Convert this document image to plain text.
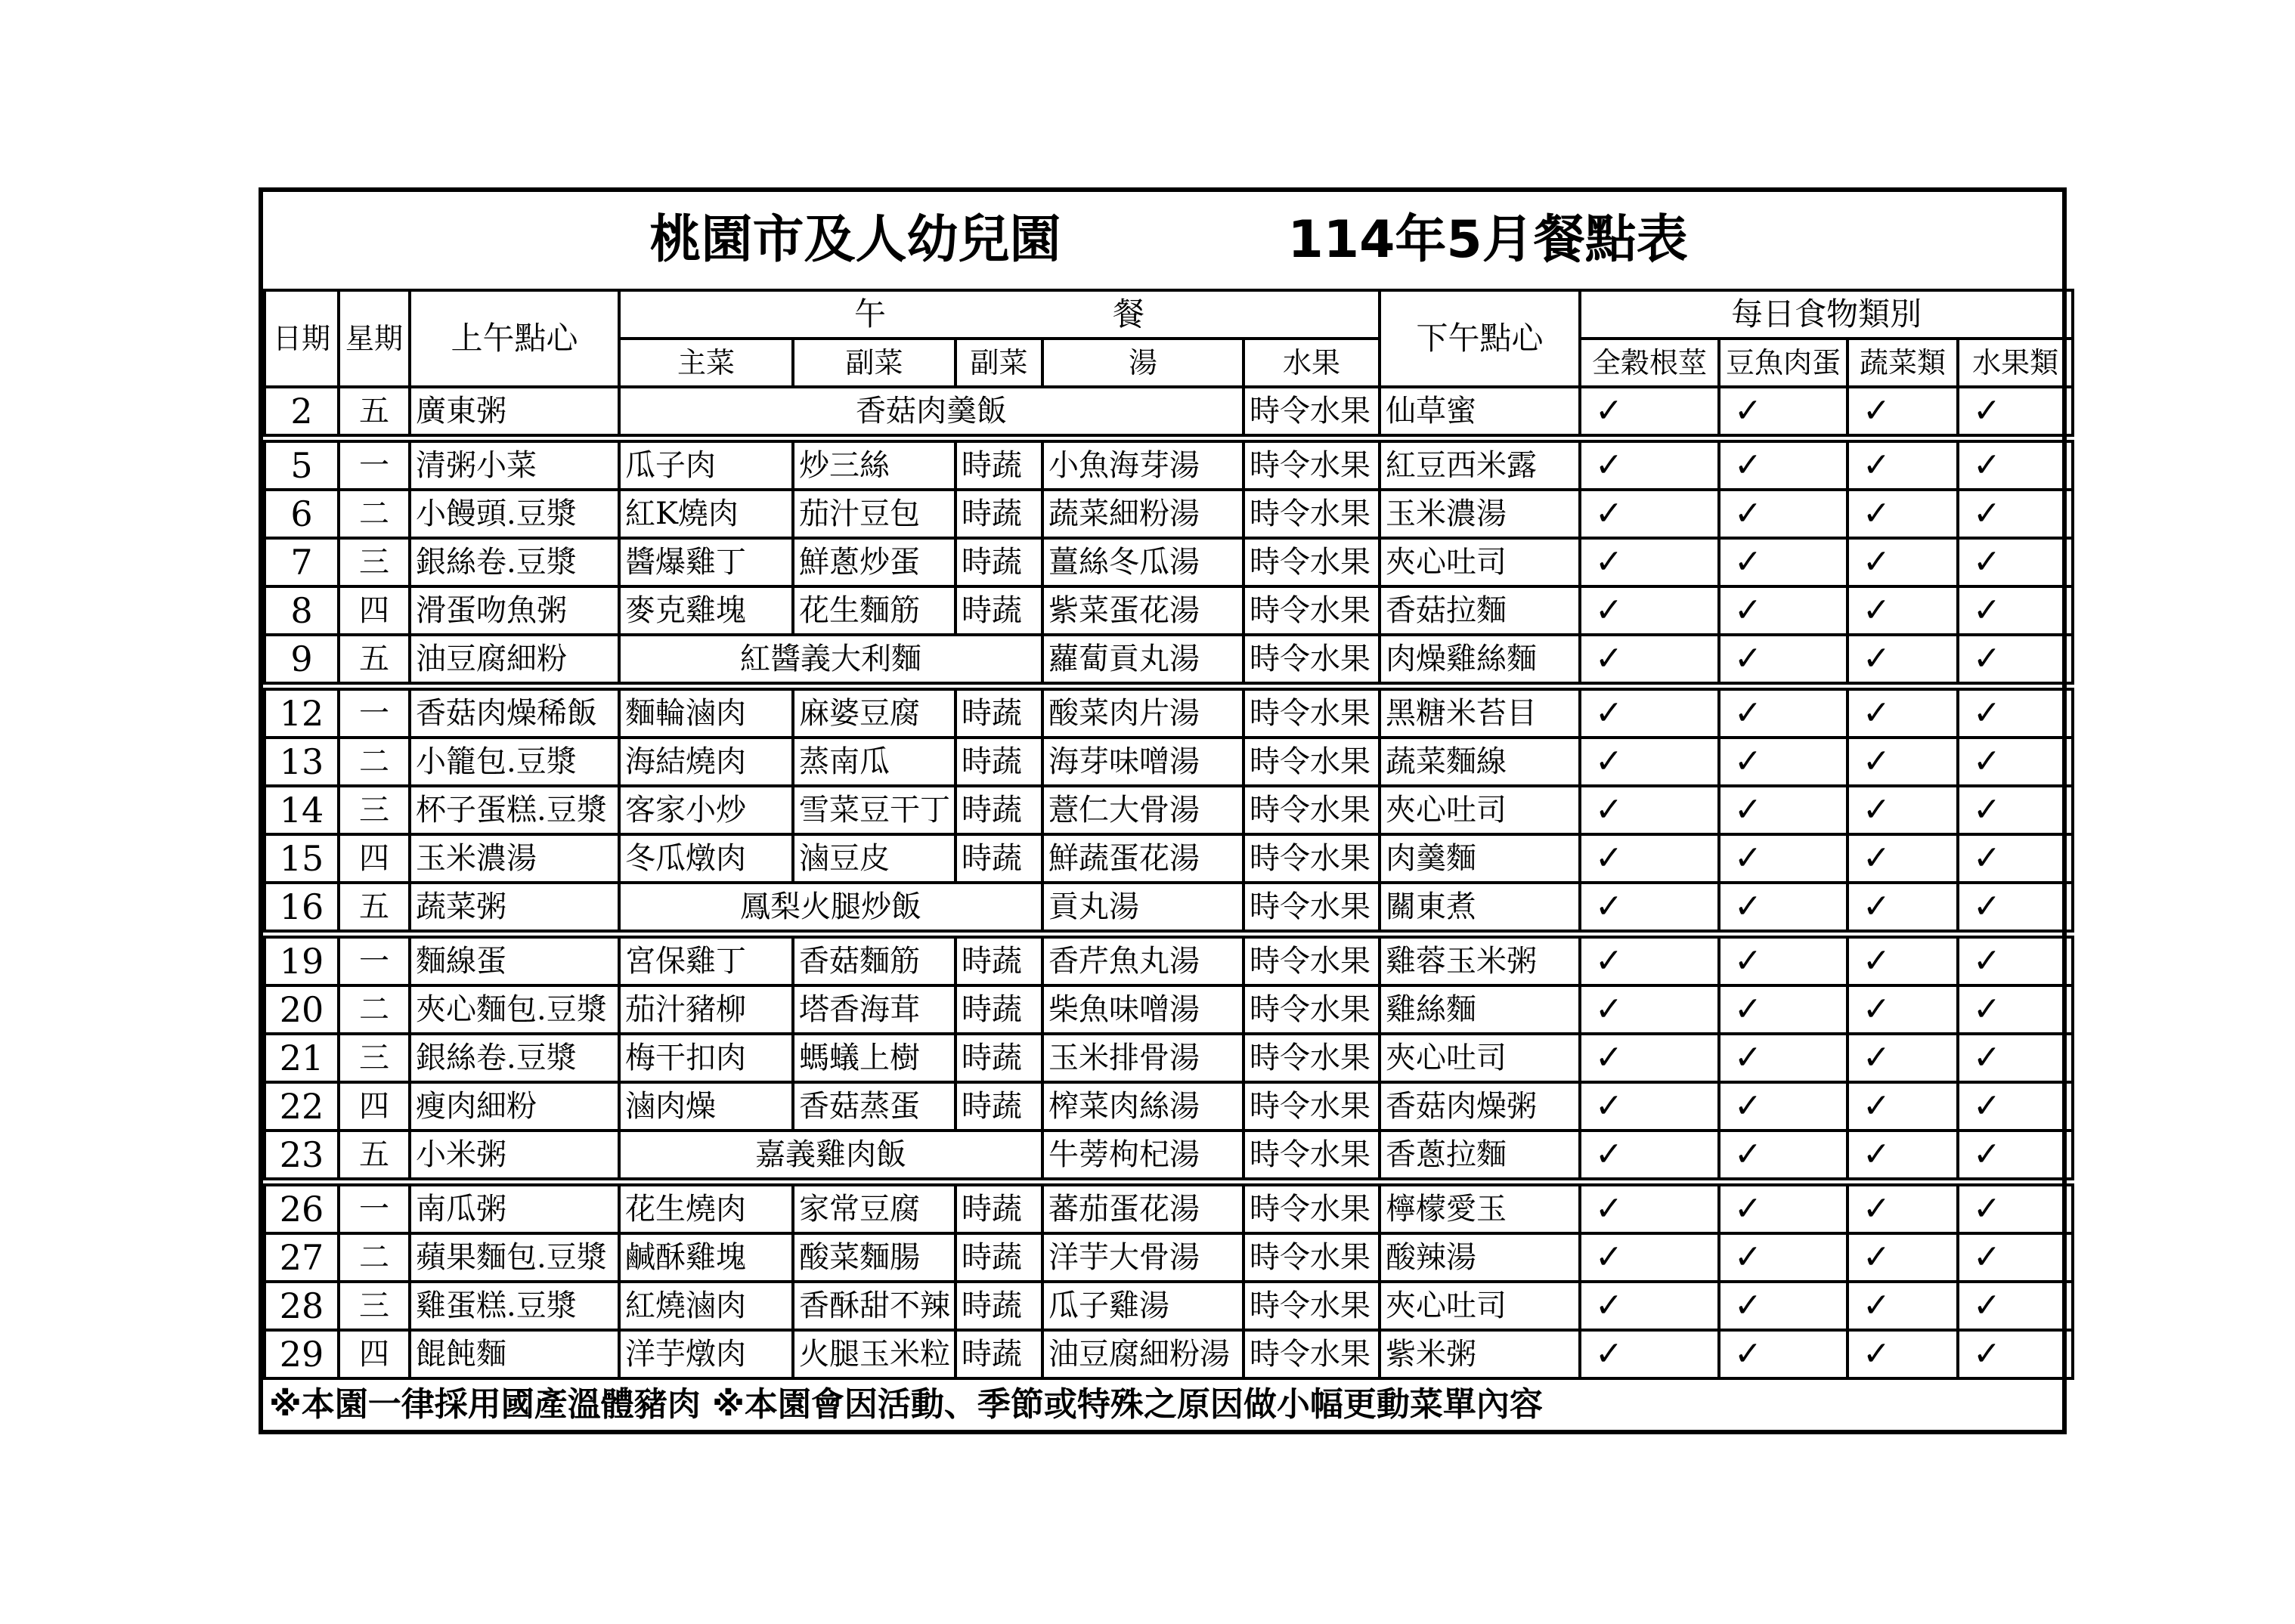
桃園市及人幼兒園 114年5月餐點表												
日期	星期	上午點心	午 餐					下午點心	每日食物類別			
			主菜	副菜	副菜	湯	水果		全穀根莖	豆魚肉蛋	蔬菜類	水果類
2	五	廣東粥	香菇肉羹飯				時令水果	仙草蜜	✓	✓	✓	✓
5	一	清粥小菜	瓜子肉	炒三絲	時蔬	小魚海芽湯	時令水果	紅豆西米露	✓	✓	✓	✓
6	二	小饅頭.豆漿	紅K燒肉	茄汁豆包	時蔬	蔬菜細粉湯	時令水果	玉米濃湯	✓	✓	✓	✓
7	三	銀絲卷.豆漿	醬爆雞丁	鮮蔥炒蛋	時蔬	薑絲冬瓜湯	時令水果	夾心吐司	✓	✓	✓	✓
8	四	滑蛋吻魚粥	麥克雞塊	花生麵筋	時蔬	紫菜蛋花湯	時令水果	香菇拉麵	✓	✓	✓	✓
9	五	油豆腐細粉	紅醬義大利麵			蘿蔔貢丸湯	時令水果	肉燥雞絲麵	✓	✓	✓	✓
12	一	香菇肉燥稀飯	麵輪滷肉	麻婆豆腐	時蔬	酸菜肉片湯	時令水果	黑糖米苔目	✓	✓	✓	✓
13	二	小籠包.豆漿	海結燒肉	蒸南瓜	時蔬	海芽味噌湯	時令水果	蔬菜麵線	✓	✓	✓	✓
14	三	杯子蛋糕.豆漿	客家小炒	雪菜豆干丁	時蔬	薏仁大骨湯	時令水果	夾心吐司	✓	✓	✓	✓
15	四	玉米濃湯	冬瓜燉肉	滷豆皮	時蔬	鮮蔬蛋花湯	時令水果	肉羹麵	✓	✓	✓	✓
16	五	蔬菜粥	鳳梨火腿炒飯			貢丸湯	時令水果	關東煮	✓	✓	✓	✓
19	一	麵線蛋	宮保雞丁	香菇麵筋	時蔬	香芹魚丸湯	時令水果	雞蓉玉米粥	✓	✓	✓	✓
20	二	夾心麵包.豆漿	茄汁豬柳	塔香海茸	時蔬	柴魚味噌湯	時令水果	雞絲麵	✓	✓	✓	✓
21	三	銀絲卷.豆漿	梅干扣肉	螞蟻上樹	時蔬	玉米排骨湯	時令水果	夾心吐司	✓	✓	✓	✓
22	四	瘦肉細粉	滷肉燥	香菇蒸蛋	時蔬	榨菜肉絲湯	時令水果	香菇肉燥粥	✓	✓	✓	✓
23	五	小米粥	嘉義雞肉飯			牛蒡枸杞湯	時令水果	香蔥拉麵	✓	✓	✓	✓
26	一	南瓜粥	花生燒肉	家常豆腐	時蔬	蕃茄蛋花湯	時令水果	檸檬愛玉	✓	✓	✓	✓
27	二	蘋果麵包.豆漿	鹹酥雞塊	酸菜麵腸	時蔬	洋芋大骨湯	時令水果	酸辣湯	✓	✓	✓	✓
28	三	雞蛋糕.豆漿	紅燒滷肉	香酥甜不辣	時蔬	瓜子雞湯	時令水果	夾心吐司	✓	✓	✓	✓
29	四	餛飩麵	洋芋燉肉	火腿玉米粒	時蔬	油豆腐細粉湯	時令水果	紫米粥	✓	✓	✓	✓
※本園一律採用國產溫體豬肉 ※本園會因活動、季節或特殊之原因做小幅更動菜單內容												
